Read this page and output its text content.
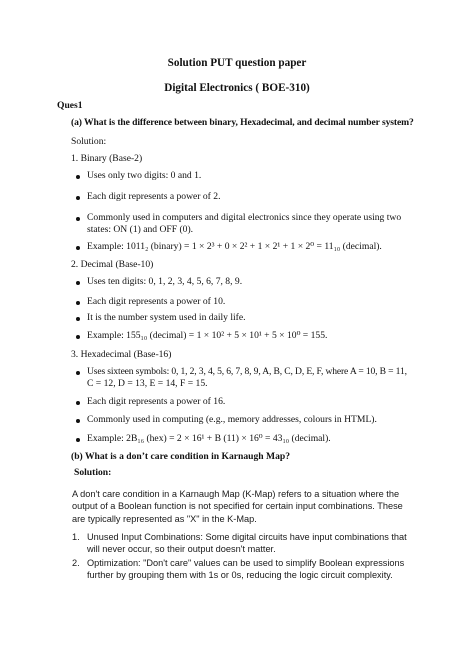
Solution PUT question paper
Digital Electronics ( BOE-310)
Ques1
(a) What is the difference between binary, Hexadecimal, and decimal number system?
Solution:
1. Binary (Base-2)
Uses only two digits: 0 and 1.
Each digit represents a power of 2.
Commonly used in computers and digital electronics since they operate using two
states: ON (1) and OFF (0).
Example: 1011₂ (binary) = 1 × 2³ + 0 × 2² + 1 × 2¹ + 1 × 2⁰ = 11₁₀ (decimal).
2. Decimal (Base-10)
Uses ten digits: 0, 1, 2, 3, 4, 5, 6, 7, 8, 9.
Each digit represents a power of 10.
It is the number system used in daily life.
Example: 155₁₀ (decimal) = 1 × 10² + 5 × 10¹ + 5 × 10⁰ = 155.
3. Hexadecimal (Base-16)
Uses sixteen symbols: 0, 1, 2, 3, 4, 5, 6, 7, 8, 9, A, B, C, D, E, F, where A = 10, B = 11,
C = 12, D = 13, E = 14, F = 15.
Each digit represents a power of 16.
Commonly used in computing (e.g., memory addresses, colours in HTML).
Example: 2B₁₆ (hex) = 2 × 16¹ + B (11) × 16⁰ = 43₁₀ (decimal).
(b) What is a don’t care condition in Karnaugh Map?
Solution:
A don't care condition in a Karnaugh Map (K-Map) refers to a situation where the output of a Boolean function is not specified for certain input combinations. These are typically represented as "X" in the K-Map.
1. Unused Input Combinations: Some digital circuits have input combinations that will never occur, so their output doesn't matter.
2. Optimization: "Don't care" values can be used to simplify Boolean expressions further by grouping them with 1s or 0s, reducing the logic circuit complexity.
